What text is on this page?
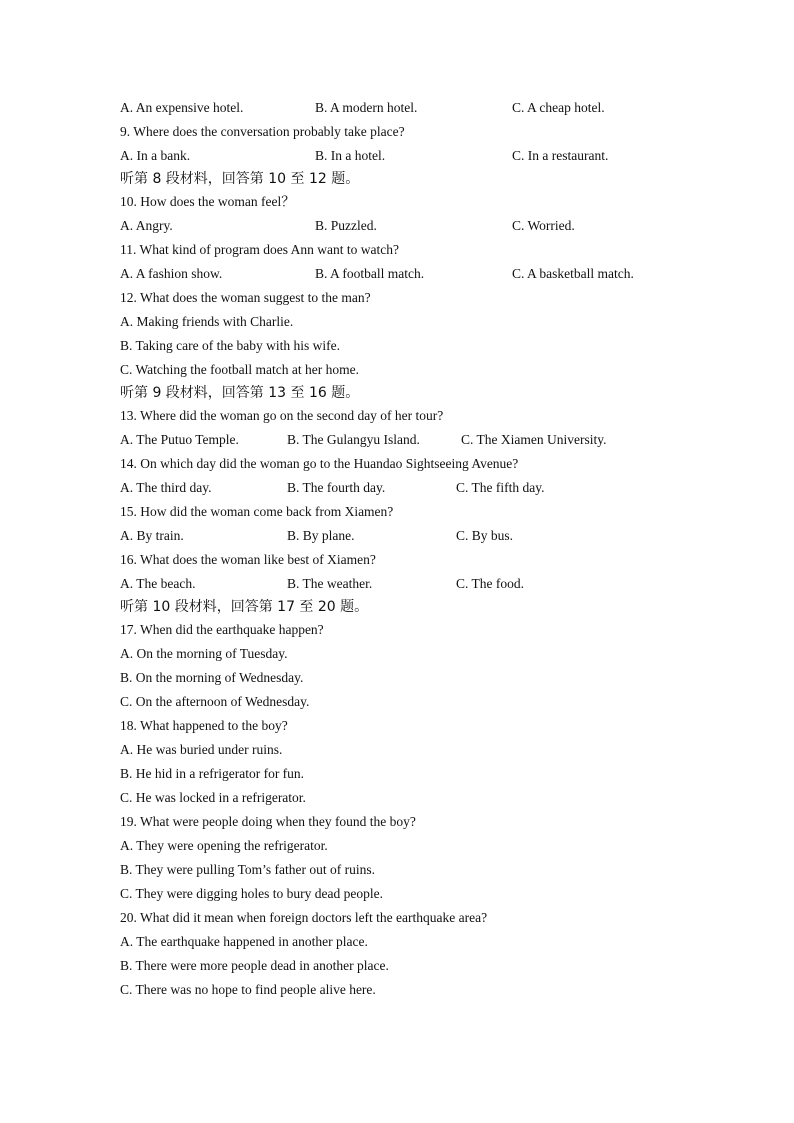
A. An expensive hotel.	B. A modern hotel.	C. A cheap hotel.
9. Where does the conversation probably take place?
A. In a bank.	B. In a hotel.	C. In a restaurant.
听第 8 段材料，回答第 10 至 12 题。
10. How does the woman feel？
A. Angry.	B. Puzzled.	C. Worried.
11. What kind of program does Ann want to watch?
A. A fashion show.	B. A football match.	C. A basketball match.
12. What does the woman suggest to the man?
A. Making friends with Charlie.
B. Taking care of the baby with his wife.
C. Watching the football match at her home.
听第 9 段材料，回答第 13 至 16 题。
13. Where did the woman go on the second day of her tour?
A. The Putuo Temple.	B. The Gulangyu Island.	C. The Xiamen University.
14. On which day did the woman go to the Huandao Sightseeing Avenue?
A. The third day.	B. The fourth day.	C. The fifth day.
15. How did the woman come back from Xiamen?
A. By train.	B. By plane.	C. By bus.
16. What does the woman like best of Xiamen?
A. The beach.	B. The weather.	C. The food.
听第 10 段材料，回答第 17 至 20 题。
17. When did the earthquake happen?
A. On the morning of Tuesday.
B. On the morning of Wednesday.
C. On the afternoon of Wednesday.
18. What happened to the boy?
A. He was buried under ruins.
B. He hid in a refrigerator for fun.
C. He was locked in a refrigerator.
19. What were people doing when they found the boy?
A. They were opening the refrigerator.
B. They were pulling Tom’s father out of ruins.
C. They were digging holes to bury dead people.
20. What did it mean when foreign doctors left the earthquake area?
A. The earthquake happened in another place.
B. There were more people dead in another place.
C. There was no hope to find people alive here.
